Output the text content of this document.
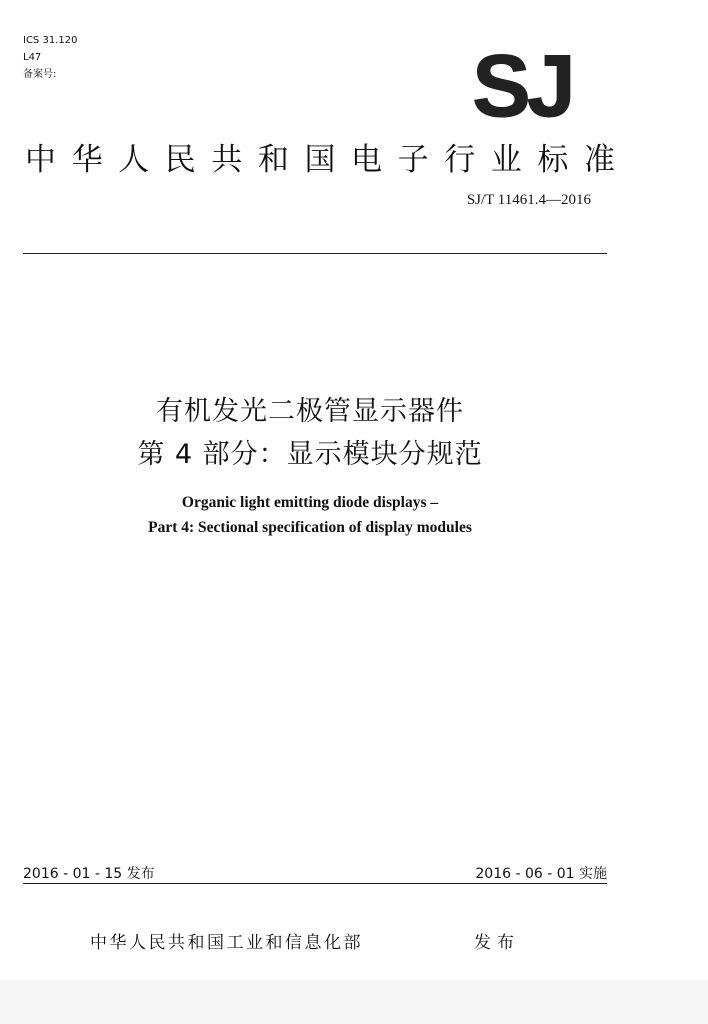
ICS 31.120
L47
备案号:	SJ
中 华 人 民 共 和 国 电 子 行 业 标 准
SJ/T 11461.4—2016
有机发光二极管显示器件
第 4 部分：显示模块分规范
Organic light emitting diode displays –
Part 4: Sectional specification of display modules
2016 - 01 - 15 发布	2016 - 06 - 01 实施
中华人民共和国工业和信息化部	发布
